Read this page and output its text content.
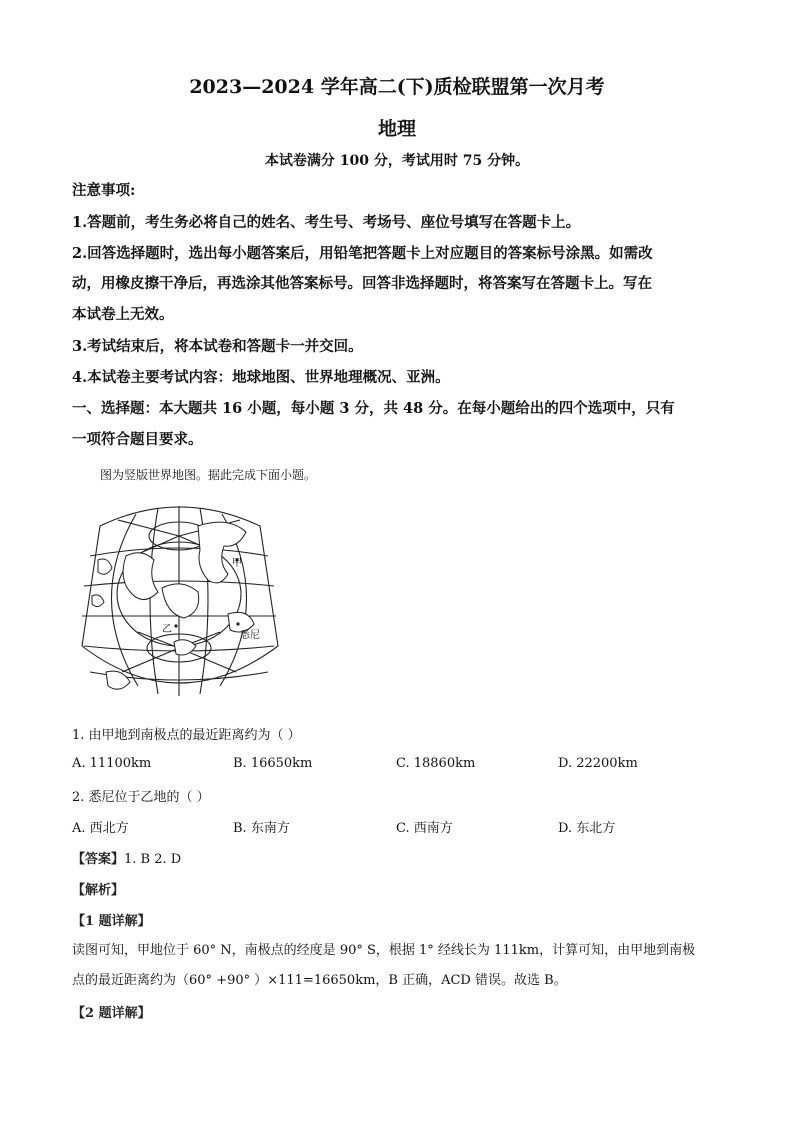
2023—2024 学年高二(下)质检联盟第一次月考
地理
本试卷满分 100 分，考试用时 75 分钟。
注意事项:
1.答题前，考生务必将自己的姓名、考生号、考场号、座位号填写在答题卡上。
2.回答选择题时，选出每小题答案后，用铅笔把答题卡上对应题目的答案标号涂黑。如需改
动，用橡皮擦干净后，再选涂其他答案标号。回答非选择题时，将答案写在答题卡上。写在
本试卷上无效。
3.考试结束后，将本试卷和答题卡一并交回。
4.本试卷主要考试内容：地球地图、世界地理概况、亚洲。
一、选择题：本大题共 16 小题，每小题 3 分，共 48 分。在每小题给出的四个选项中，只有
一项符合题目要求。
图为竖版世界地图。据此完成下面小题。
甲
乙
悉尼
1. 由甲地到南极点的最近距离约为（ ）
A. 11100km	B. 16650km	C. 18860km	D. 22200km
2. 悉尼位于乙地的（ ）
A. 西北方	B. 东南方	C. 西南方	D. 东北方
【答案】1. B 2. D
【解析】
【1 题详解】
读图可知，甲地位于 60° N，南极点的经度是 90° S，根据 1° 经线长为 111km，计算可知，由甲地到南极
点的最近距离约为（60° +90° ）×111=16650km，B 正确，ACD 错误。故选 B。
【2 题详解】
